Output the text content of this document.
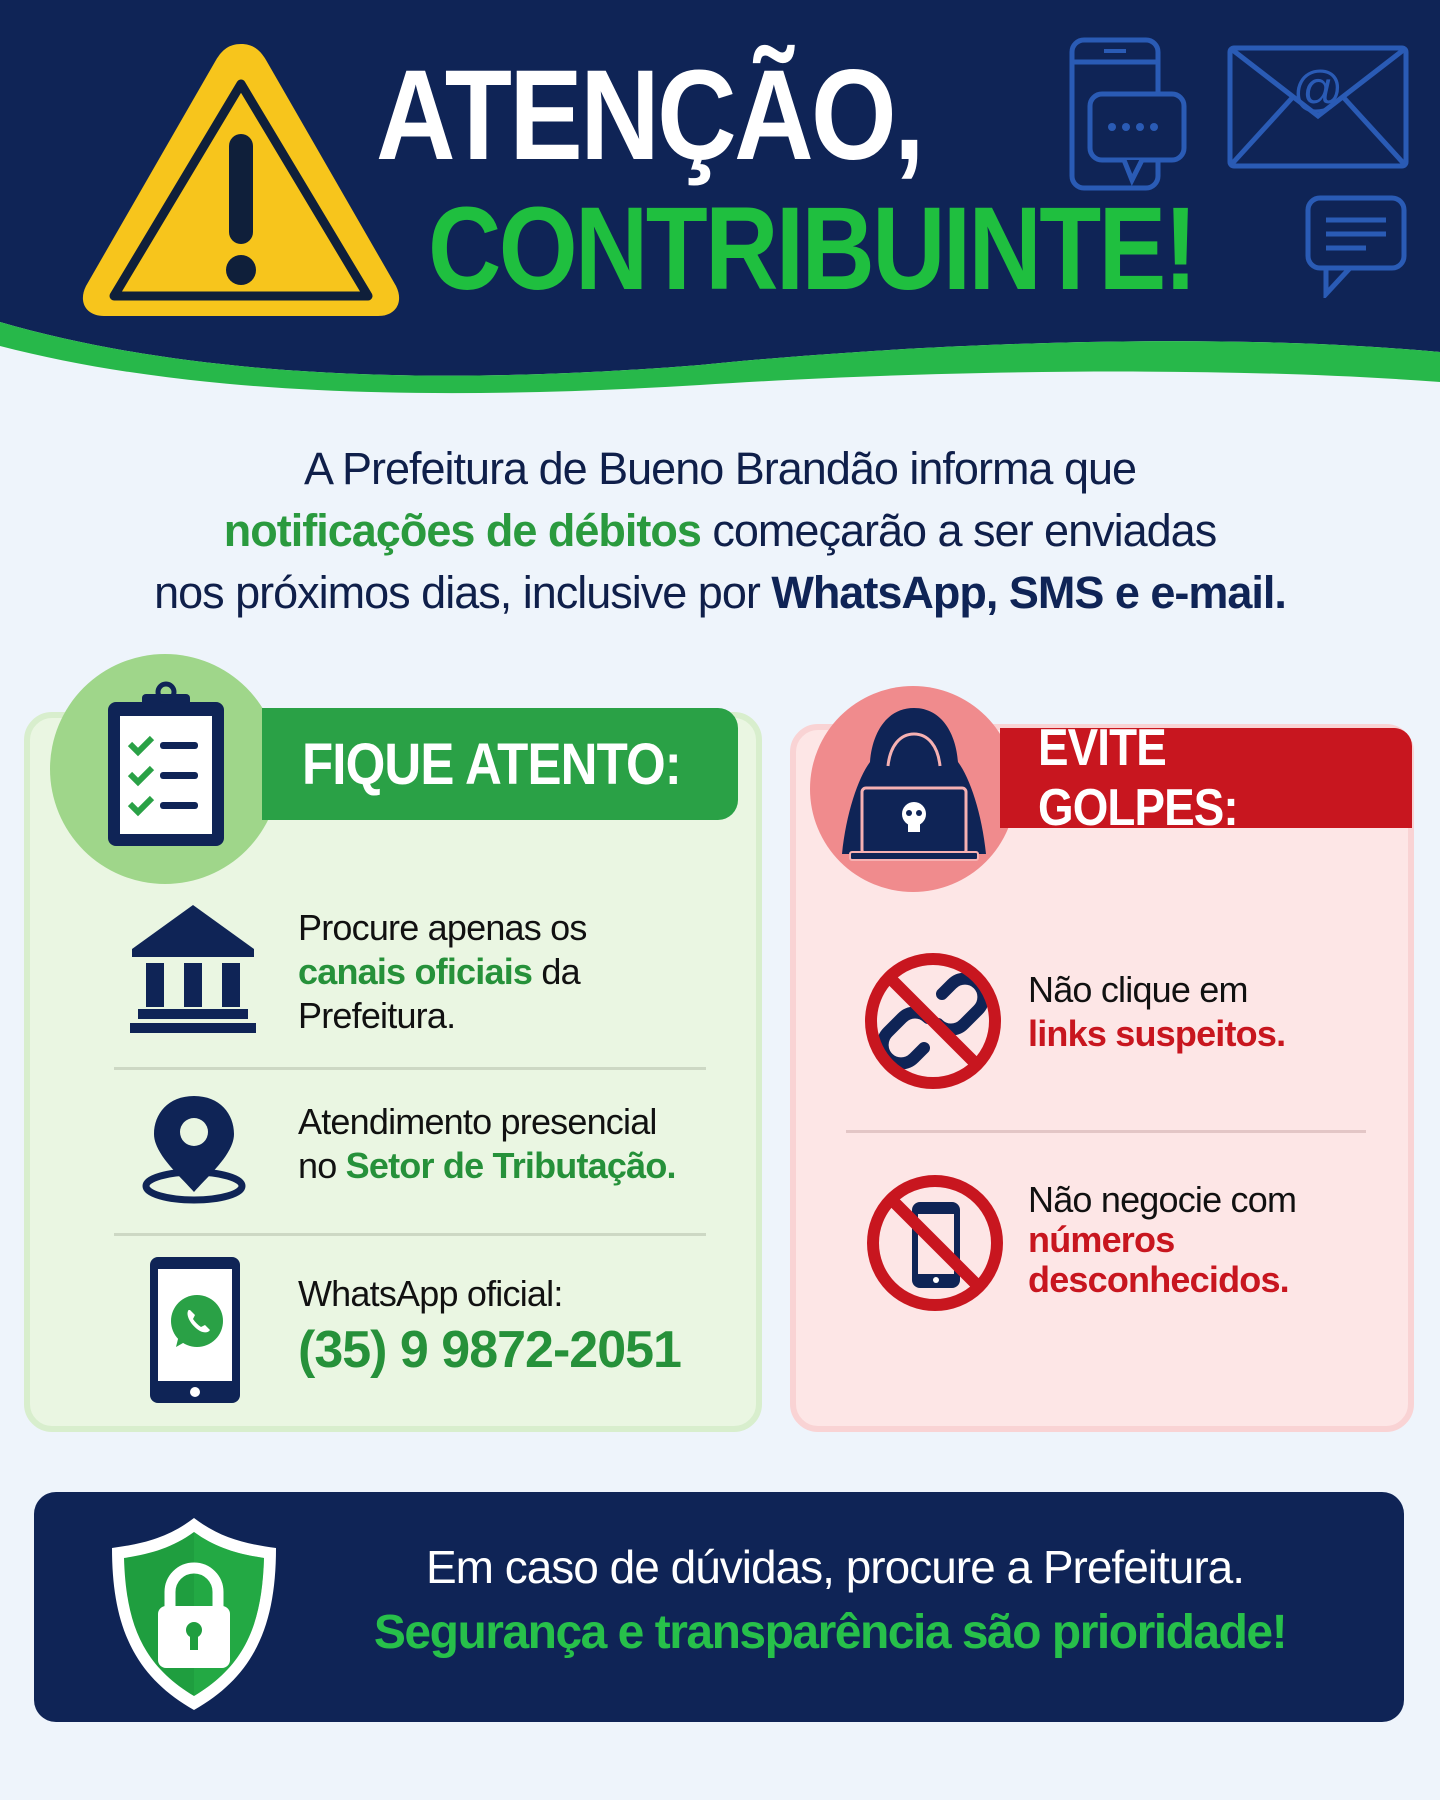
ATENÇÃO,
CONTRIBUINTE!
@
A Prefeitura de Bueno Brandão informa que
notificações de débitos começarão a ser enviadas
nos próximos dias, inclusive por WhatsApp, SMS e e-mail.
FIQUE ATENTO:
Procure apenas os
canais oficiais da
Prefeitura.
Atendimento presencial
no Setor de Tributação.
WhatsApp oficial:
(35) 9 9872-2051
EVITE GOLPES:
Não clique em
links suspeitos.
Não negocie com
números
desconhecidos.
Em caso de dúvidas, procure a Prefeitura.
Segurança e transparência são prioridade!
